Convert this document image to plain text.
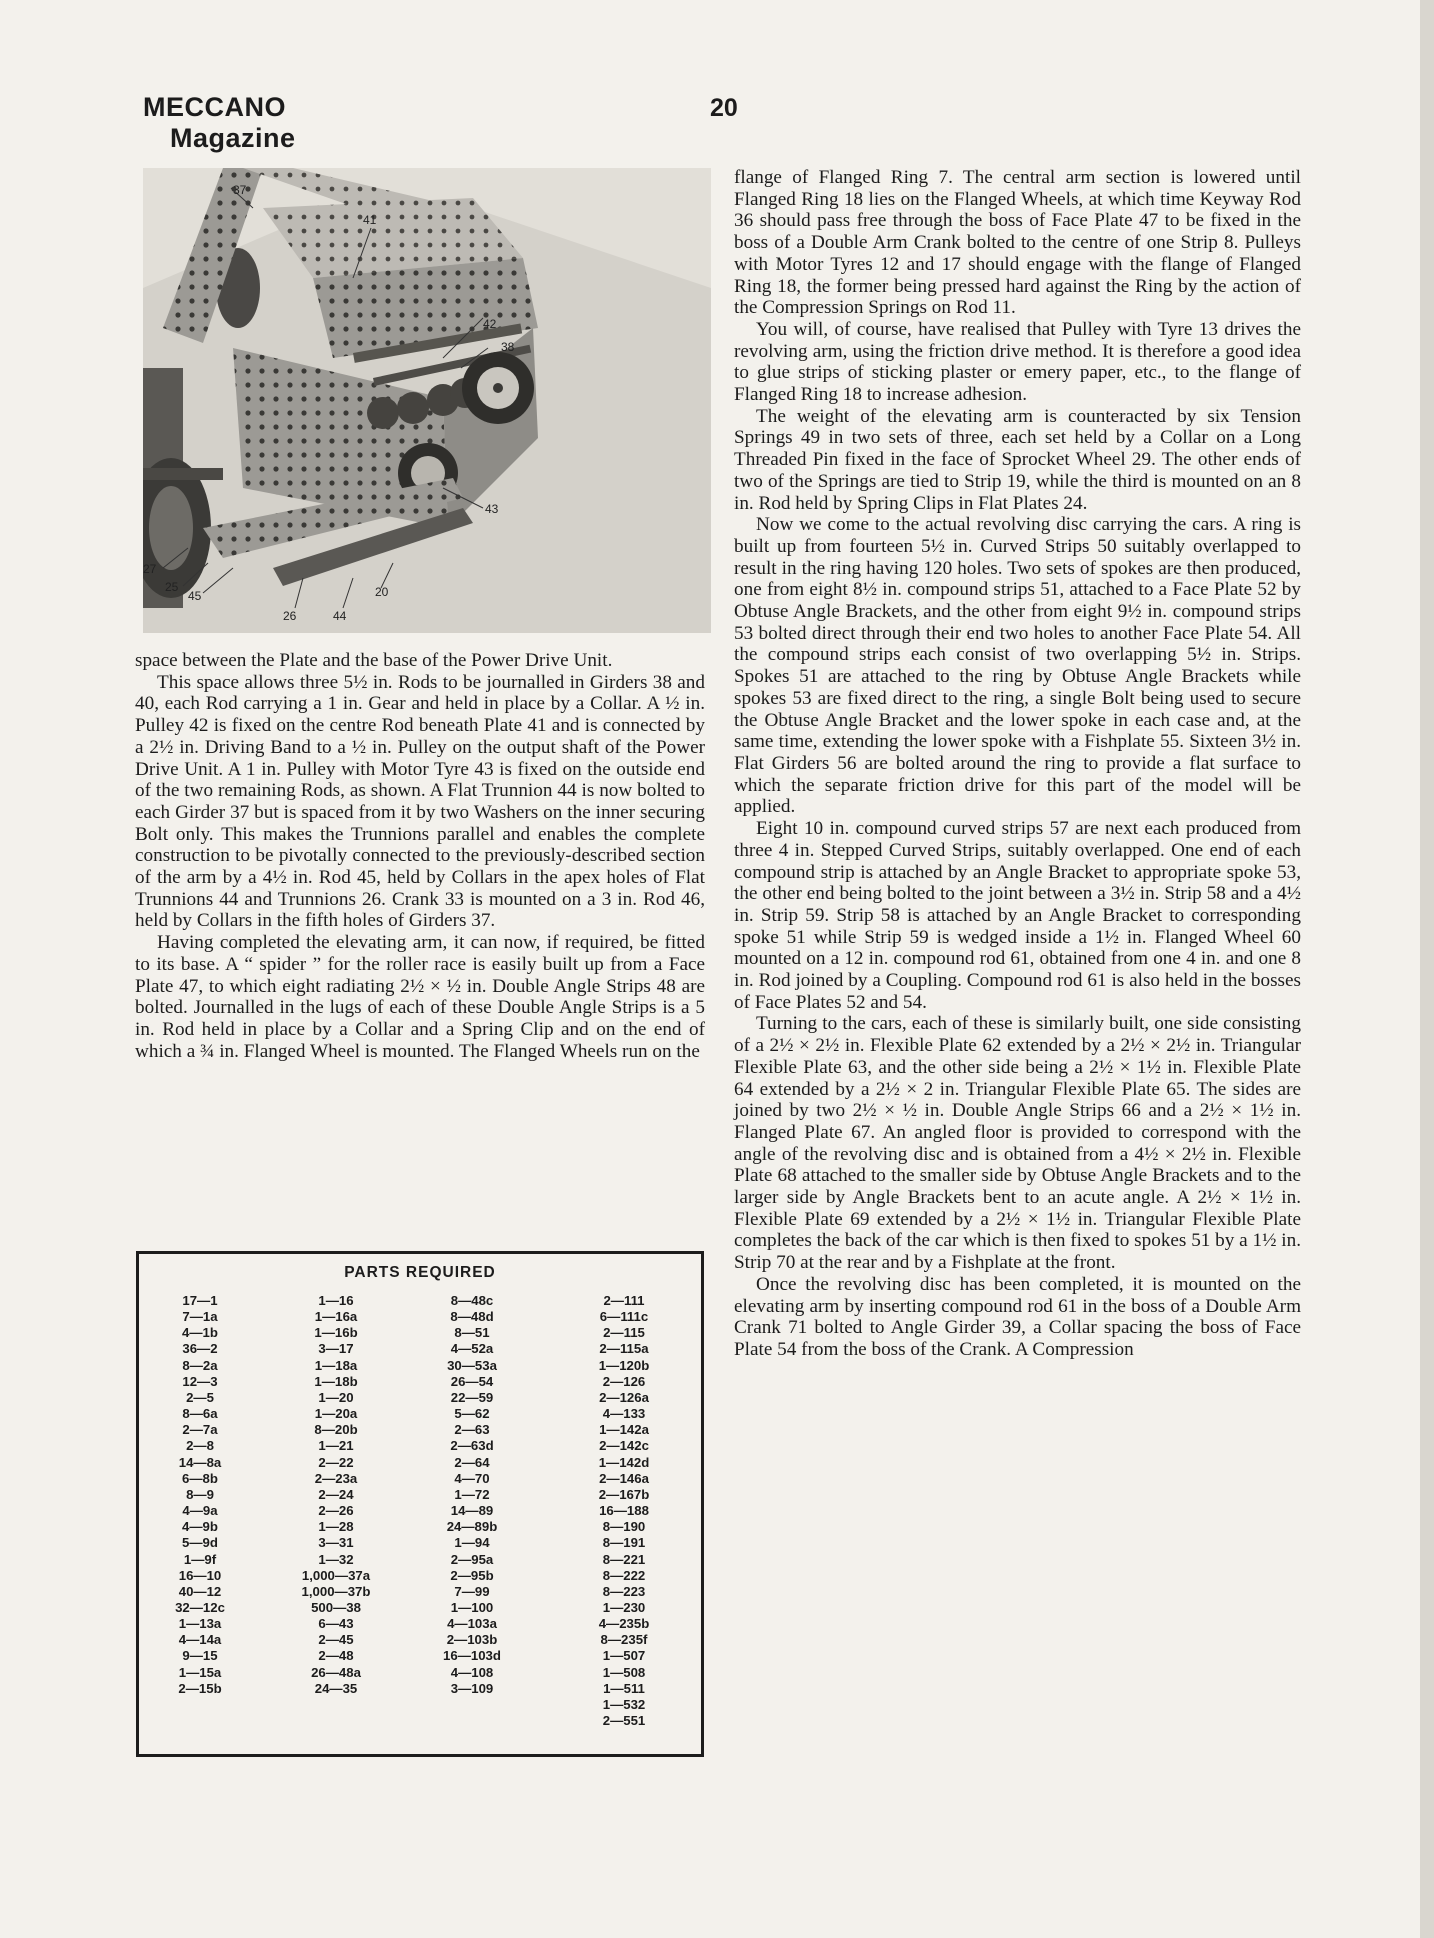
MECCANO
Magazine
20
37
41
42
38
43
27
25
45
26	44
20

space between the Plate and the base of the Power Drive Unit.

This space allows three 5½ in. Rods to be journalled in Girders 38 and 40, each Rod carrying a 1 in. Gear and held in place by a Collar. A ½ in. Pulley 42 is fixed on the centre Rod beneath Plate 41 and is connected by a 2½ in. Driving Band to a ½ in. Pulley on the output shaft of the Power Drive Unit. A 1 in. Pulley with Motor Tyre 43 is fixed on the outside end of the two remaining Rods, as shown. A Flat Trunnion 44 is now bolted to each Girder 37 but is spaced from it by two Washers on the inner securing Bolt only. This makes the Trunnions parallel and enables the complete construction to be pivotally connected to the previously-described section of the arm by a 4½ in. Rod 45, held by Collars in the apex holes of Flat Trunnions 44 and Trunnions 26. Crank 33 is mounted on a 3 in. Rod 46, held by Collars in the fifth holes of Girders 37.

Having completed the elevating arm, it can now, if required, be fitted to its base. A “ spider ” for the roller race is easily built up from a Face Plate 47, to which eight radiating 2½ × ½ in. Double Angle Strips 48 are bolted. Journalled in the lugs of each of these Double Angle Strips is a 5 in. Rod held in place by a Collar and a Spring Clip and on the end of which a ¾ in. Flanged Wheel is mounted. The Flanged Wheels run on the

flange of Flanged Ring 7. The central arm section is lowered until Flanged Ring 18 lies on the Flanged Wheels, at which time Keyway Rod 36 should pass free through the boss of Face Plate 47 to be fixed in the boss of a Double Arm Crank bolted to the centre of one Strip 8. Pulleys with Motor Tyres 12 and 17 should engage with the flange of Flanged Ring 18, the former being pressed hard against the Ring by the action of the Compression Springs on Rod 11.

You will, of course, have realised that Pulley with Tyre 13 drives the revolving arm, using the friction drive method. It is therefore a good idea to glue strips of sticking plaster or emery paper, etc., to the flange of Flanged Ring 18 to increase adhesion.

The weight of the elevating arm is counteracted by six Tension Springs 49 in two sets of three, each set held by a Collar on a Long Threaded Pin fixed in the face of Sprocket Wheel 29. The other ends of two of the Springs are tied to Strip 19, while the third is mounted on an 8 in. Rod held by Spring Clips in Flat Plates 24.

Now we come to the actual revolving disc carrying the cars. A ring is built up from fourteen 5½ in. Curved Strips 50 suitably overlapped to result in the ring having 120 holes. Two sets of spokes are then produced, one from eight 8½ in. compound strips 51, attached to a Face Plate 52 by Obtuse Angle Brackets, and the other from eight 9½ in. compound strips 53 bolted direct through their end two holes to another Face Plate 54. All the compound strips each consist of two overlapping 5½ in. Strips. Spokes 51 are attached to the ring by Obtuse Angle Brackets while spokes 53 are fixed direct to the ring, a single Bolt being used to secure the Obtuse Angle Bracket and the lower spoke in each case and, at the same time, extending the lower spoke with a Fishplate 55. Sixteen 3½ in. Flat Girders 56 are bolted around the ring to provide a flat surface to which the separate friction drive for this part of the model will be applied.

Eight 10 in. compound curved strips 57 are next each produced from three 4 in. Stepped Curved Strips, suitably overlapped. One end of each compound strip is attached by an Angle Bracket to appropriate spoke 53, the other end being bolted to the joint between a 3½ in. Strip 58 and a 4½ in. Strip 59. Strip 58 is attached by an Angle Bracket to corresponding spoke 51 while Strip 59 is wedged inside a 1½ in. Flanged Wheel 60 mounted on a 12 in. compound rod 61, obtained from one 4 in. and one 8 in. Rod joined by a Coupling. Compound rod 61 is also held in the bosses of Face Plates 52 and 54.

Turning to the cars, each of these is similarly built, one side consisting of a 2½ × 2½ in. Flexible Plate 62 extended by a 2½ × 2½ in. Triangular Flexible Plate 63, and the other side being a 2½ × 1½ in. Flexible Plate 64 extended by a 2½ × 2 in. Triangular Flexible Plate 65. The sides are joined by two 2½ × ½ in. Double Angle Strips 66 and a 2½ × 1½ in. Flanged Plate 67. An angled floor is provided to correspond with the angle of the revolving disc and is obtained from a 4½ × 2½ in. Flexible Plate 68 attached to the smaller side by Obtuse Angle Brackets and to the larger side by Angle Brackets bent to an acute angle. A 2½ × 1½ in. Flexible Plate 69 extended by a 2½ × 1½ in. Triangular Flexible Plate completes the back of the car which is then fixed to spokes 51 by a 1½ in. Strip 70 at the rear and by a Fishplate at the front.

Once the revolving disc has been completed, it is mounted on the elevating arm by inserting compound rod 61 in the boss of a Double Arm Crank 71 bolted to Angle Girder 39, a Collar spacing the boss of Face Plate 54 from the boss of the Crank. A Compression

PARTS REQUIRED
17—1
7—1a
4—1b
36—2
8—2a
12—3
2—5
8—6a
2—7a
2—8
14—8a
6—8b
8—9
4—9a
4—9b
5—9d
1—9f
16—10
40—12
32—12c
1—13a
4—14a
9—15
1—15a
2—15b
1—16
1—16a
1—16b
3—17
1—18a
1—18b
1—20
1—20a
8—20b
1—21
2—22
2—23a
2—24
2—26
1—28
3—31
1—32
1,000—37a
1,000—37b
500—38
6—43
2—45
2—48
26—48a
24—35
8—48c
8—48d
8—51
4—52a
30—53a
26—54
22—59
5—62
2—63
2—63d
2—64
4—70
1—72
14—89
24—89b
1—94
2—95a
2—95b
7—99
1—100
4—103a
2—103b
16—103d
4—108
3—109
2—111
6—111c
2—115
2—115a
1—120b
2—126
2—126a
4—133
1—142a
2—142c
1—142d
2—146a
2—167b
16—188
8—190
8—191
8—221
8—222
8—223
1—230
4—235b
8—235f
1—507
1—508
1—511
1—532
2—551
